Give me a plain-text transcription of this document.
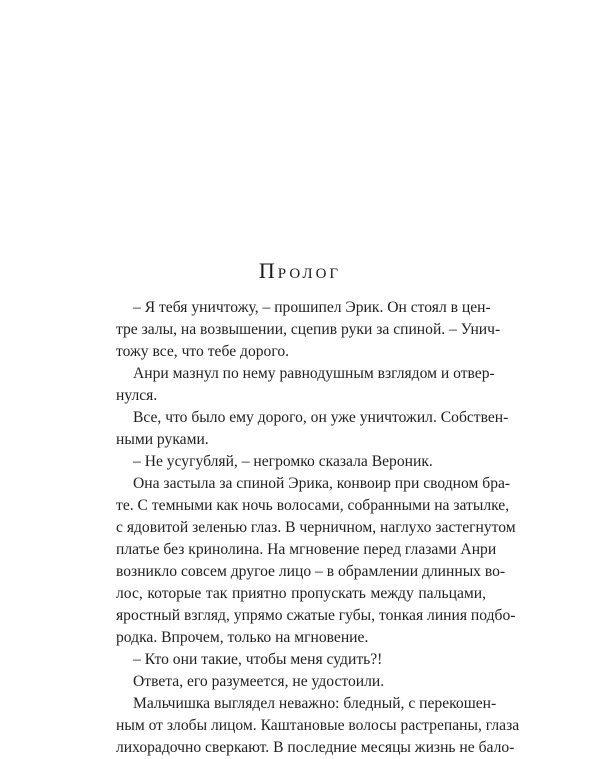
Пролог

– Я тебя уничтожу, – прошипел Эрик. Он стоял в цен-

тре залы, на возвышении, сцепив руки за спиной. – Унич-

тожу все, что тебе дорого.

Анри мазнул по нему равнодушным взглядом и отвер-

нулся.

Все, что было ему дорого, он уже уничтожил. Собствен-

ными руками.

– Не усугубляй, – негромко сказала Вероник.

Она застыла за спиной Эрика, конвоир при сводном бра-

те. С темными как ночь волосами, собранными на затылке,

с ядовитой зеленью глаз. В черничном, наглухо застегнутом

платье без кринолина. На мгновение перед глазами Анри

возникло совсем другое лицо – в обрамлении длинных во-

лос, которые так приятно пропускать между пальцами,

яростный взгляд, упрямо сжатые губы, тонкая линия подбо-

родка. Впрочем, только на мгновение.

– Кто они такие, чтобы меня судить?!

Ответа, его разумеется, не удостоили.

Мальчишка выглядел неважно: бледный, с перекошен-

ным от злобы лицом. Каштановые волосы растрепаны, глаза

лихорадочно сверкают. В последние месяцы жизнь не бало-
